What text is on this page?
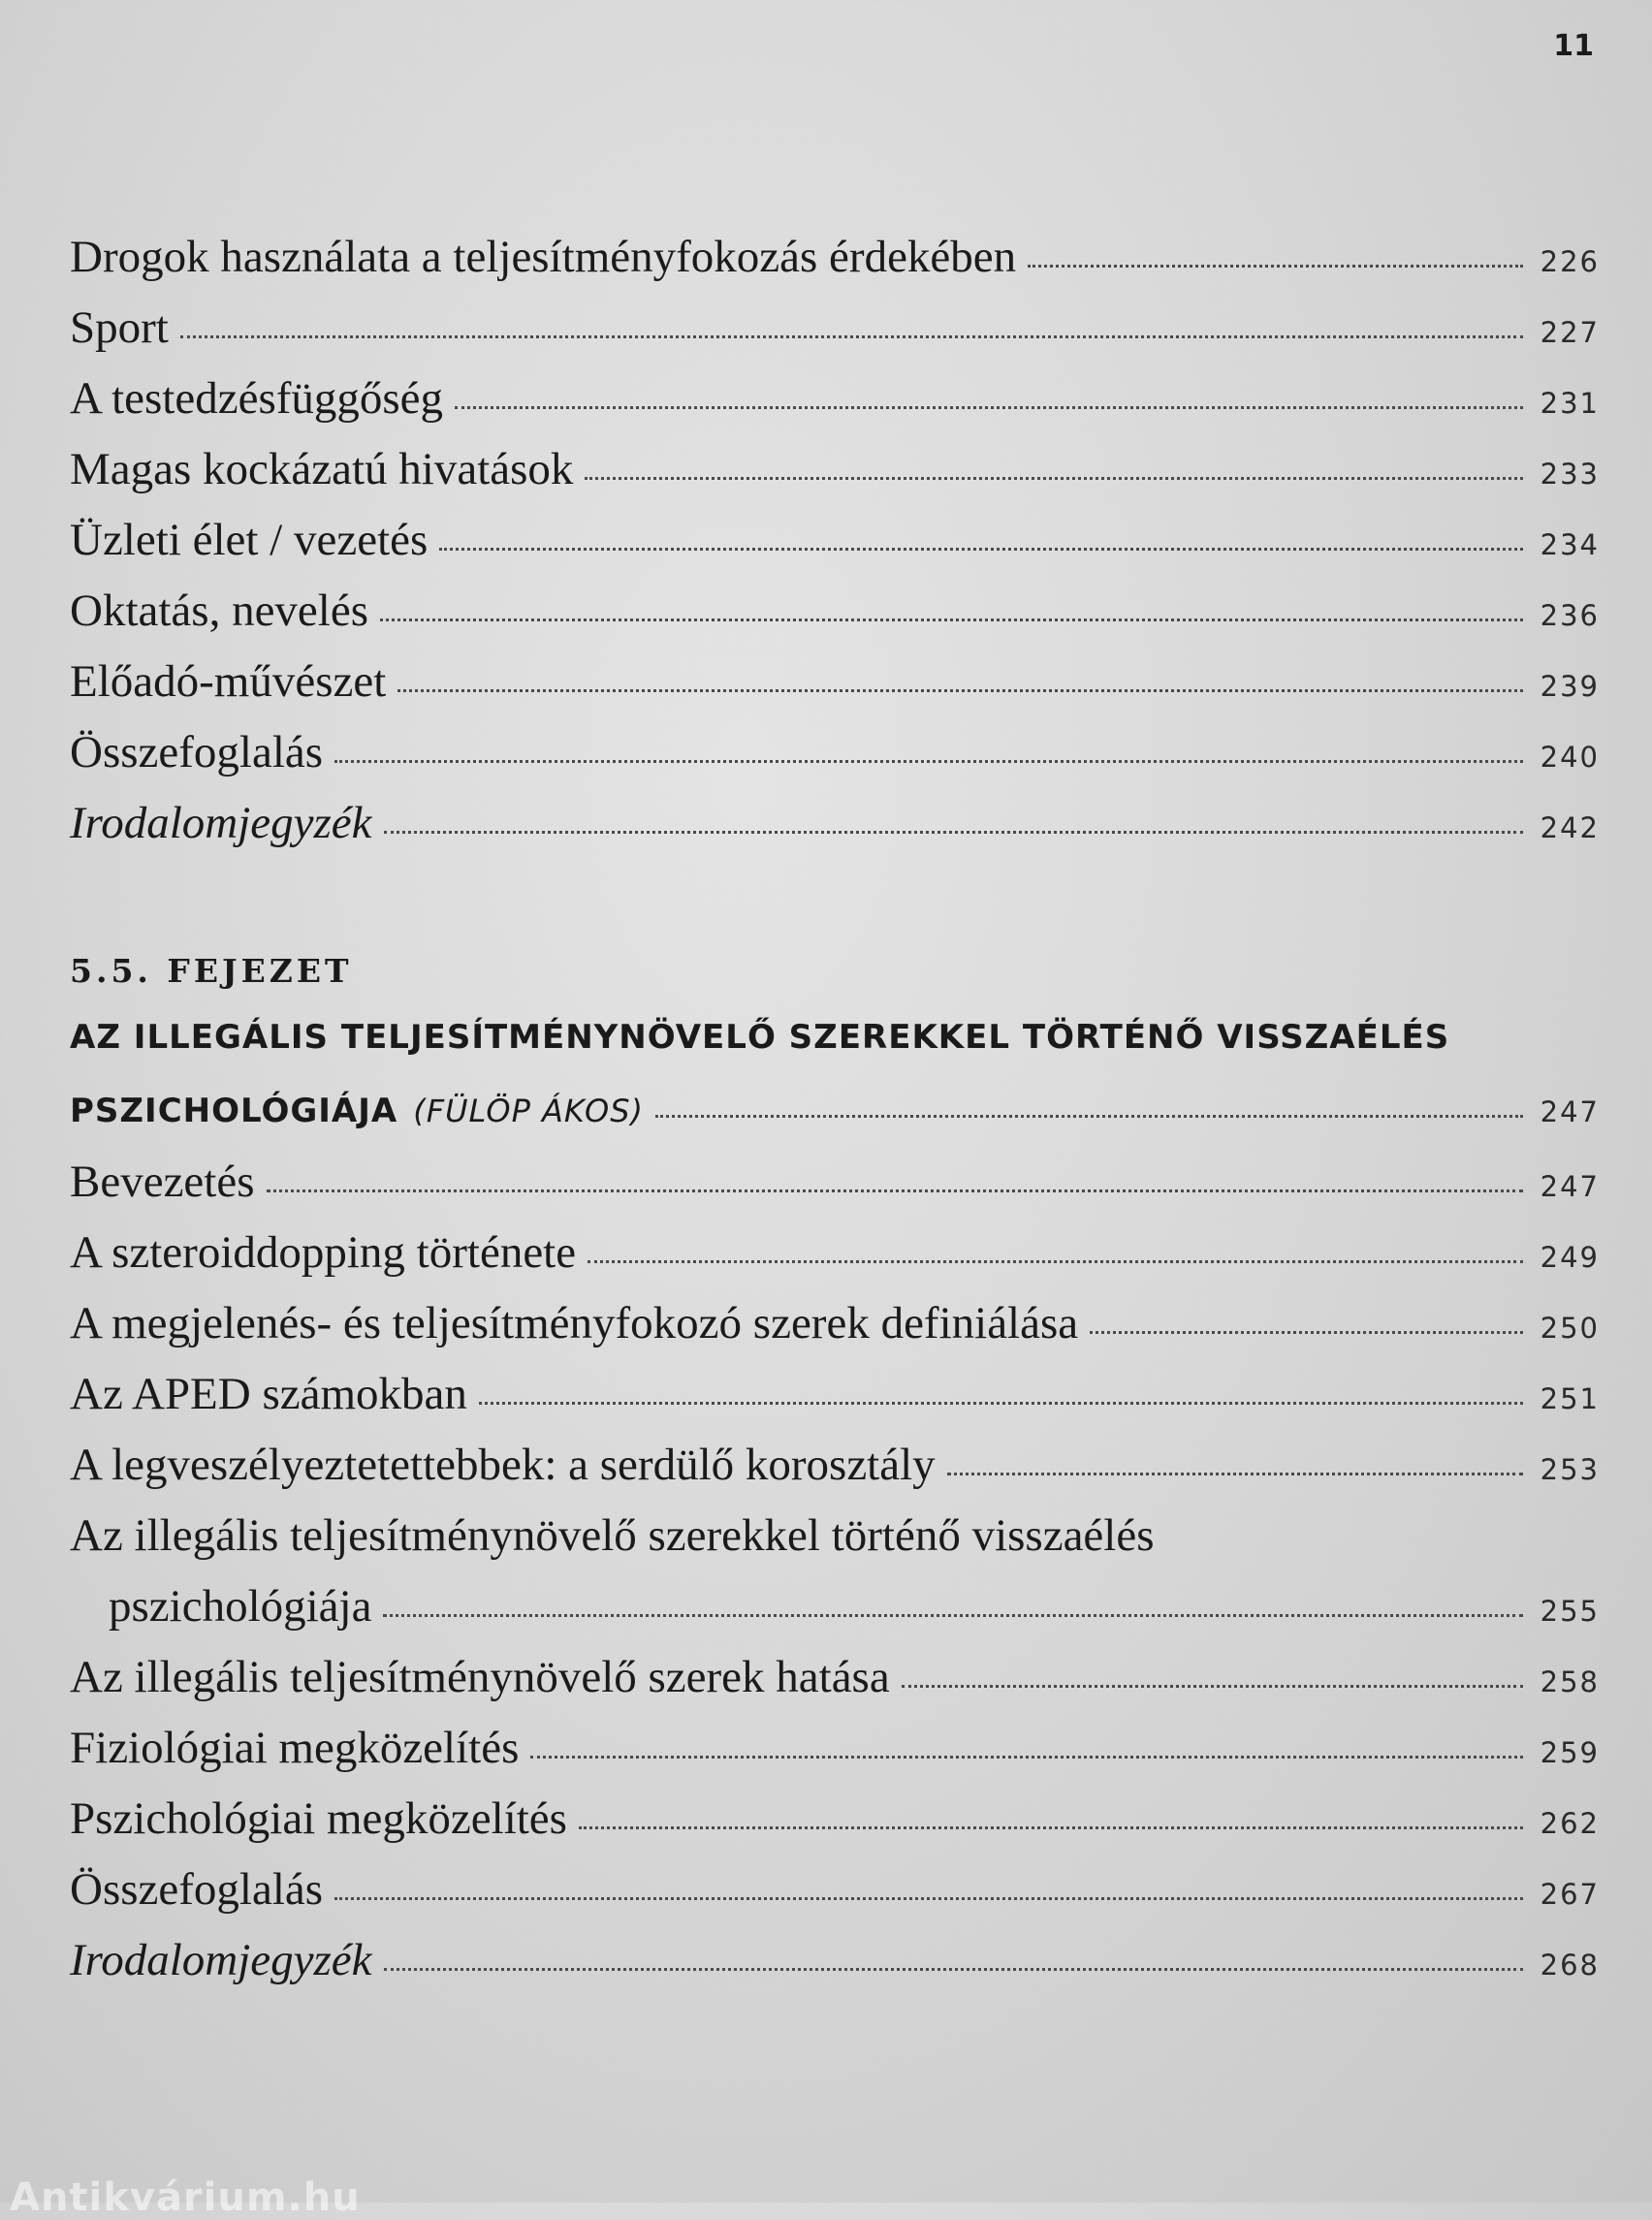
11
Drogok használata a teljesítményfokozás érdekében	226
Sport	227
A testedzésfüggőség	231
Magas kockázatú hivatások	233
Üzleti élet / vezetés	234
Oktatás, nevelés	236
Előadó-művészet	239
Összefoglalás	240
Irodalomjegyzék	242
5.5. FEJEZET
AZ ILLEGÁLIS TELJESÍTMÉNYNÖVELŐ SZEREKKEL TÖRTÉNŐ VISSZAÉLÉS
PSZICHOLÓGIÁJA (FÜLÖP ÁKOS)	247
Bevezetés	247
A szteroiddopping története	249
A megjelenés- és teljesítményfokozó szerek definiálása	250
Az APED számokban	251
A legveszélyeztetettebbek: a serdülő korosztály	253
Az illegális teljesítménynövelő szerekkel történő visszaélés
pszichológiája	255
Az illegális teljesítménynövelő szerek hatása	258
Fiziológiai megközelítés	259
Pszichológiai megközelítés	262
Összefoglalás	267
Irodalomjegyzék	268
Antikvárium.hu
